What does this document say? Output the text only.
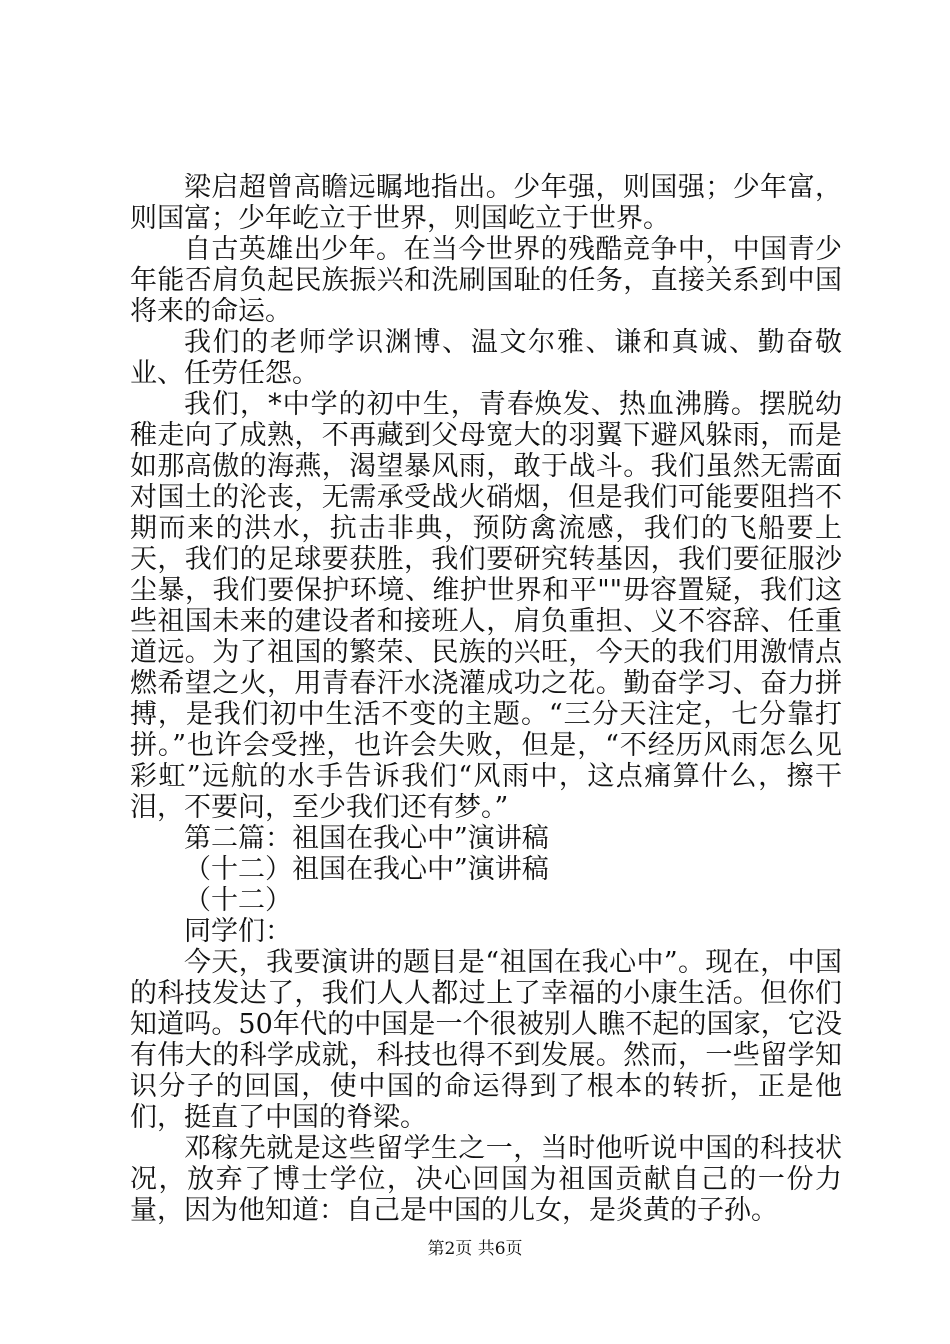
梁启超曾高瞻远瞩地指出。少年强，则国强；少年富，则国富；少年屹立于世界，则国屹立于世界。

自古英雄出少年。在当今世界的残酷竞争中，中国青少年能否肩负起民族振兴和洗刷国耻的任务，直接关系到中国将来的命运。

我们的老师学识渊博、温文尔雅、谦和真诚、勤奋敬业、任劳任怨。

我们，*中学的初中生，青春焕发、热血沸腾。摆脱幼稚走向了成熟，不再藏到父母宽大的羽翼下避风躲雨，而是如那高傲的海燕，渴望暴风雨，敢于战斗。我们虽然无需面对国土的沦丧，无需承受战火硝烟，但是我们可能要阻挡不期而来的洪水，抗击非典，预防禽流感，我们的飞船要上天，我们的足球要获胜，我们要研究转基因，我们要征服沙尘暴，我们要保护环境、维护世界和平""毋容置疑，我们这些祖国未来的建设者和接班人，肩负重担、义不容辞、任重道远。为了祖国的繁荣、民族的兴旺，今天的我们用激情点燃希望之火，用青春汗水浇灌成功之花。勤奋学习、奋力拼搏，是我们初中生活不变的主题。“三分天注定，七分靠打拼。”也许会受挫，也许会失败，但是，“不经历风雨怎么见彩虹”远航的水手告诉我们“风雨中，这点痛算什么，擦干泪，不要问，至少我们还有梦。”

第二篇：祖国在我心中”演讲稿

（十二）祖国在我心中”演讲稿

（十二）

同学们：

今天，我要演讲的题目是“祖国在我心中”。现在，中国的科技发达了，我们人人都过上了幸福的小康生活。但你们知道吗。50年代的中国是一个很被别人瞧不起的国家，它没有伟大的科学成就，科技也得不到发展。然而，一些留学知识分子的回国，使中国的命运得到了根本的转折，正是他们，挺直了中国的脊梁。

邓稼先就是这些留学生之一，当时他听说中国的科技状况，放弃了博士学位，决心回国为祖国贡献自己的一份力量，因为他知道：自己是中国的儿女，是炎黄的子孙。

第2页 共6页
